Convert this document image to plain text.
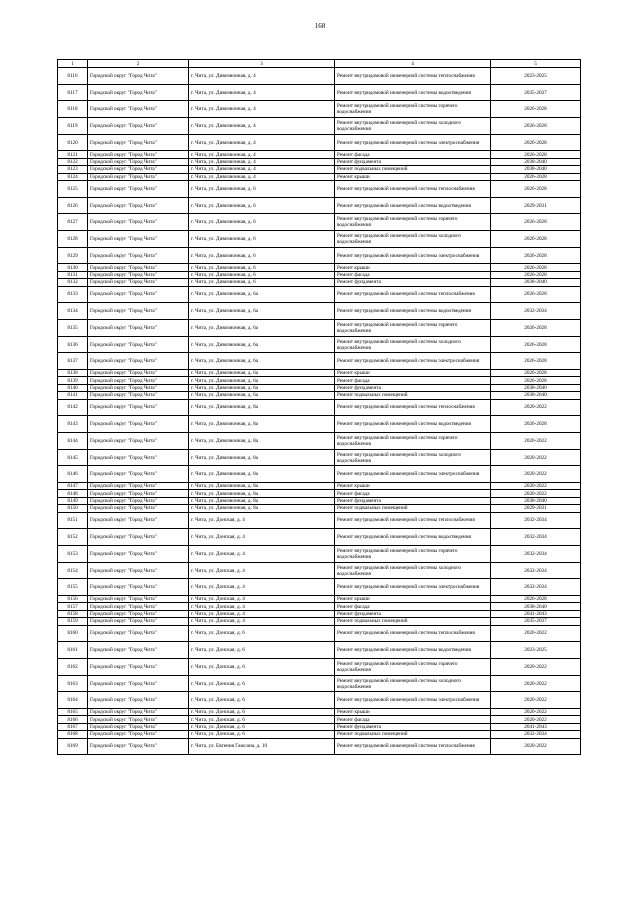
168
1	2	3	4	5
8116	Городской округ "Город Чита"	г. Чита, ул. Дивизионная, д. 4	Ремонт внутридомовой инженерной системы теплоснабжения	2023-2025
8117	Городской округ "Город Чита"	г. Чита, ул. Дивизионная, д. 4	Ремонт внутридомовой инженерной системы водоотведения	2035-2037
8118	Городской округ "Город Чита"	г. Чита, ул. Дивизионная, д. 4	Ремонт внутридомовой инженерной системы горячего водоснабжения	2026-2028
8119	Городской округ "Город Чита"	г. Чита, ул. Дивизионная, д. 4	Ремонт внутридомовой инженерной системы холодного водоснабжения	2026-2028
8120	Городской округ "Город Чита"	г. Чита, ул. Дивизионная, д. 4	Ремонт внутридомовой инженерной системы электроснабжения	2026-2028
8121	Городской округ "Город Чита"	г. Чита, ул. Дивизионная, д. 4	Ремонт фасада	2026-2028
8122	Городской округ "Город Чита"	г. Чита, ул. Дивизионная, д. 4	Ремонт фундамента	2038-2040
8123	Городской округ "Город Чита"	г. Чита, ул. Дивизионная, д. 4	Ремонт подвальных помещений	2038-2040
8124	Городской округ "Город Чита"	г. Чита, ул. Дивизионная, д. 4	Ремонт крыши	2026-2028
8125	Городской округ "Город Чита"	г. Чита, ул. Дивизионная, д. 6	Ремонт внутридомовой инженерной системы теплоснабжения	2026-2028
8126	Городской округ "Город Чита"	г. Чита, ул. Дивизионная, д. 6	Ремонт внутридомовой инженерной системы водоотведения	2029-2031
8127	Городской округ "Город Чита"	г. Чита, ул. Дивизионная, д. 6	Ремонт внутридомовой инженерной системы горячего водоснабжения	2026-2028
8128	Городской округ "Город Чита"	г. Чита, ул. Дивизионная, д. 6	Ремонт внутридомовой инженерной системы холодного водоснабжения	2026-2028
8129	Городской округ "Город Чита"	г. Чита, ул. Дивизионная, д. 6	Ремонт внутридомовой инженерной системы электроснабжения	2026-2028
8130	Городской округ "Город Чита"	г. Чита, ул. Дивизионная, д. 6	Ремонт крыши	2026-2028
8131	Городской округ "Город Чита"	г. Чита, ул. Дивизионная, д. 6	Ремонт фасада	2026-2028
8132	Городской округ "Город Чита"	г. Чита, ул. Дивизионная, д. 6	Ремонт фундамента	2038-2040
8133	Городской округ "Город Чита"	г. Чита, ул. Дивизионная, д. 6а	Ремонт внутридомовой инженерной системы теплоснабжения	2026-2028
8134	Городской округ "Город Чита"	г. Чита, ул. Дивизионная, д. 6а	Ремонт внутридомовой инженерной системы водоотведения	2032-2034
8135	Городской округ "Город Чита"	г. Чита, ул. Дивизионная, д. 6а	Ремонт внутридомовой инженерной системы горячего водоснабжения	2026-2028
8136	Городской округ "Город Чита"	г. Чита, ул. Дивизионная, д. 6а	Ремонт внутридомовой инженерной системы холодного водоснабжения	2026-2028
8137	Городской округ "Город Чита"	г. Чита, ул. Дивизионная, д. 6а	Ремонт внутридомовой инженерной системы электроснабжения	2026-2028
8138	Городской округ "Город Чита"	г. Чита, ул. Дивизионная, д. 6а	Ремонт крыши	2026-2028
8139	Городской округ "Город Чита"	г. Чита, ул. Дивизионная, д. 6а	Ремонт фасада	2026-2028
8140	Городской округ "Город Чита"	г. Чита, ул. Дивизионная, д. 6а	Ремонт фундамента	2038-2040
8141	Городской округ "Город Чита"	г. Чита, ул. Дивизионная, д. 6а	Ремонт подвальных помещений	2038-2040
8142	Городской округ "Город Чита"	г. Чита, ул. Дивизионная, д. 8а	Ремонт внутридомовой инженерной системы теплоснабжения	2020-2022
8143	Городской округ "Город Чита"	г. Чита, ул. Дивизионная, д. 8а	Ремонт внутридомовой инженерной системы водоотведения	2026-2028
8144	Городской округ "Город Чита"	г. Чита, ул. Дивизионная, д. 8а	Ремонт внутридомовой инженерной системы горячего водоснабжения	2020-2022
8145	Городской округ "Город Чита"	г. Чита, ул. Дивизионная, д. 8а	Ремонт внутридомовой инженерной системы холодного водоснабжения	2020-2022
8146	Городской округ "Город Чита"	г. Чита, ул. Дивизионная, д. 8а	Ремонт внутридомовой инженерной системы электроснабжения	2020-2022
8147	Городской округ "Город Чита"	г. Чита, ул. Дивизионная, д. 8а	Ремонт крыши	2020-2022
8148	Городской округ "Город Чита"	г. Чита, ул. Дивизионная, д. 8а	Ремонт фасада	2020-2022
8149	Городской округ "Город Чита"	г. Чита, ул. Дивизионная, д. 8а	Ремонт фундамента	2038-2040
8150	Городской округ "Город Чита"	г. Чита, ул. Дивизионная, д. 8а	Ремонт подвальных помещений	2029-2031
8151	Городской округ "Город Чита"	г. Чита, ул. Донская, д. 4	Ремонт внутридомовой инженерной системы теплоснабжения	2032-2034
8152	Городской округ "Город Чита"	г. Чита, ул. Донская, д. 4	Ремонт внутридомовой инженерной системы водоотведения	2032-2034
8153	Городской округ "Город Чита"	г. Чита, ул. Донская, д. 4	Ремонт внутридомовой инженерной системы горячего водоснабжения	2032-2034
8154	Городской округ "Город Чита"	г. Чита, ул. Донская, д. 4	Ремонт внутридомовой инженерной системы холодного водоснабжения	2032-2034
8155	Городской округ "Город Чита"	г. Чита, ул. Донская, д. 4	Ремонт внутридомовой инженерной системы электроснабжения	2032-2034
8156	Городской округ "Город Чита"	г. Чита, ул. Донская, д. 4	Ремонт крыши	2026-2028
8157	Городской округ "Город Чита"	г. Чита, ул. Донская, д. 4	Ремонт фасада	2038-2040
8158	Городской округ "Город Чита"	г. Чита, ул. Донская, д. 4	Ремонт фундамента	2041-2043
8159	Городской округ "Город Чита"	г. Чита, ул. Донская, д. 4	Ремонт подвальных помещений	2035-2037
8160	Городской округ "Город Чита"	г. Чита, ул. Донская, д. 6	Ремонт внутридомовой инженерной системы теплоснабжения	2020-2022
8161	Городской округ "Город Чита"	г. Чита, ул. Донская, д. 6	Ремонт внутридомовой инженерной системы водоотведения	2023-2025
8162	Городской округ "Город Чита"	г. Чита, ул. Донская, д. 6	Ремонт внутридомовой инженерной системы горячего водоснабжения	2020-2022
8163	Городской округ "Город Чита"	г. Чита, ул. Донская, д. 6	Ремонт внутридомовой инженерной системы холодного водоснабжения	2020-2022
8164	Городской округ "Город Чита"	г. Чита, ул. Донская, д. 6	Ремонт внутридомовой инженерной системы электроснабжения	2020-2022
8165	Городской округ "Город Чита"	г. Чита, ул. Донская, д. 6	Ремонт крыши	2020-2022
8166	Городской округ "Город Чита"	г. Чита, ул. Донская, д. 6	Ремонт фасада	2020-2022
8167	Городской округ "Город Чита"	г. Чита, ул. Донская, д. 6	Ремонт фундамента	2041-2043
8168	Городской округ "Город Чита"	г. Чита, ул. Донская, д. 6	Ремонт подвальных помещений	2032-2034
8169	Городской округ "Город Чита"	г. Чита, ул. Евгения Гаюсана, д. 10	Ремонт внутридомовой инженерной системы теплоснабжения	2020-2022
